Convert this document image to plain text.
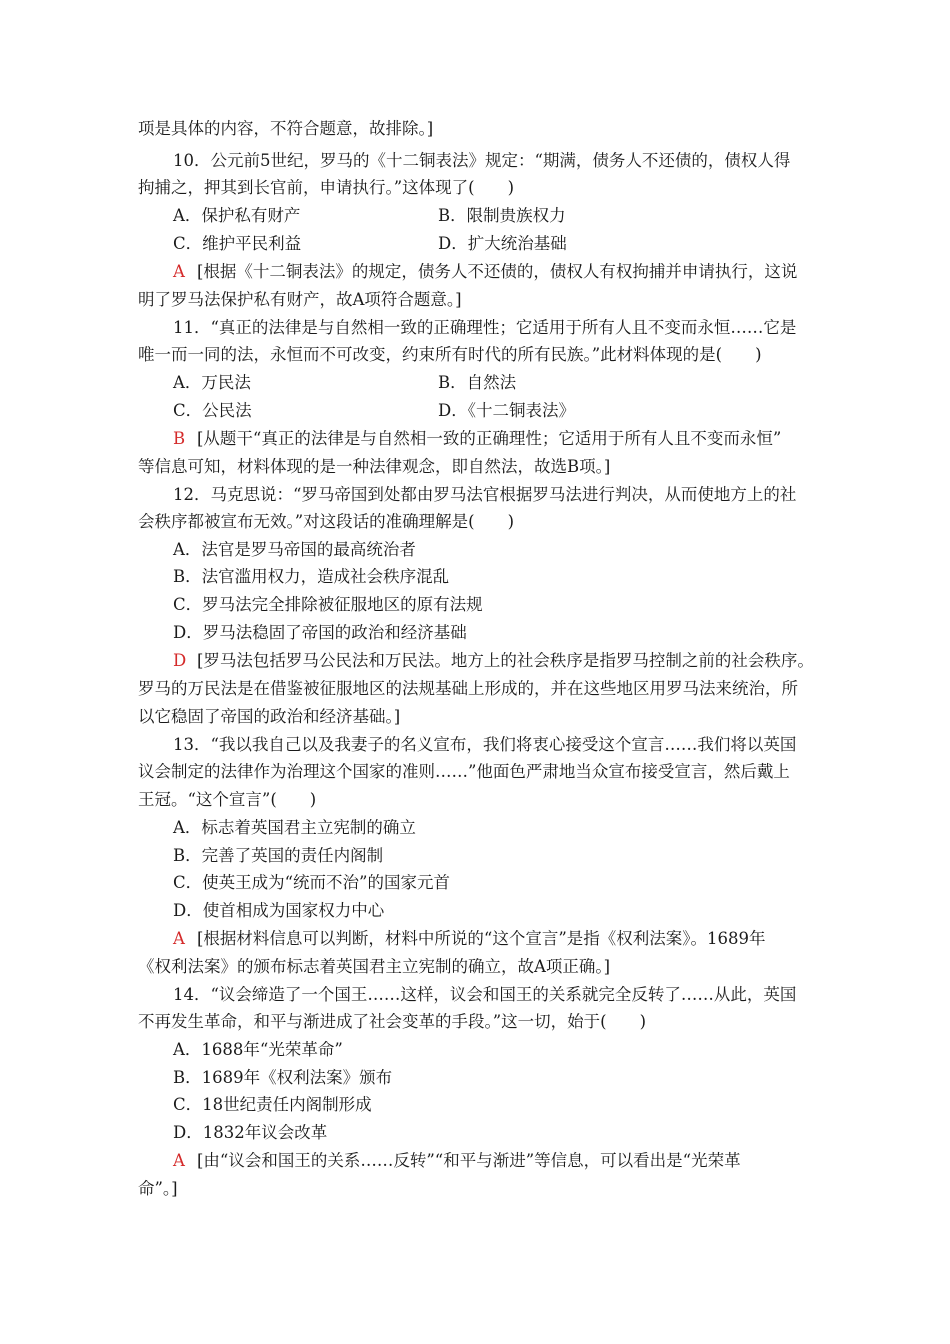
项是具体的内容，不符合题意，故排除。]
10．公元前5世纪，罗马的《十二铜表法》规定：“期满，债务人不还债的，债权人得
拘捕之，押其到长官前，申请执行。”这体现了(　　)
A．保护私有财产	B．限制贵族权力
C．维护平民利益	D．扩大统治基础
A [根据《十二铜表法》的规定，债务人不还债的，债权人有权拘捕并申请执行，这说
明了罗马法保护私有财产，故A项符合题意。]
11．“真正的法律是与自然相一致的正确理性；它适用于所有人且不变而永恒……它是
唯一而一同的法，永恒而不可改变，约束所有时代的所有民族。”此材料体现的是(　　)
A．万民法	B．自然法
C．公民法	D．《十二铜表法》
B [从题干“真正的法律是与自然相一致的正确理性；它适用于所有人且不变而永恒”
等信息可知，材料体现的是一种法律观念，即自然法，故选B项。]
12．马克思说：“罗马帝国到处都由罗马法官根据罗马法进行判决，从而使地方上的社
会秩序都被宣布无效。”对这段话的准确理解是(　　)
A．法官是罗马帝国的最高统治者
B．法官滥用权力，造成社会秩序混乱
C．罗马法完全排除被征服地区的原有法规
D．罗马法稳固了帝国的政治和经济基础
D [罗马法包括罗马公民法和万民法。地方上的社会秩序是指罗马控制之前的社会秩序。
罗马的万民法是在借鉴被征服地区的法规基础上形成的，并在这些地区用罗马法来统治，所
以它稳固了帝国的政治和经济基础。]
13．“我以我自己以及我妻子的名义宣布，我们将衷心接受这个宣言……我们将以英国
议会制定的法律作为治理这个国家的准则……”他面色严肃地当众宣布接受宣言，然后戴上
王冠。“这个宣言”(　　)
A．标志着英国君主立宪制的确立
B．完善了英国的责任内阁制
C．使英王成为“统而不治”的国家元首
D．使首相成为国家权力中心
A [根据材料信息可以判断，材料中所说的“这个宣言”是指《权利法案》。1689年
《权利法案》的颁布标志着英国君主立宪制的确立，故A项正确。]
14．“议会缔造了一个国王……这样，议会和国王的关系就完全反转了……从此，英国
不再发生革命，和平与渐进成了社会变革的手段。”这一切，始于(　　)
A．1688年“光荣革命”
B．1689年《权利法案》颁布
C．18世纪责任内阁制形成
D．1832年议会改革
A [由“议会和国王的关系……反转”“和平与渐进”等信息，可以看出是“光荣革
命”。]
